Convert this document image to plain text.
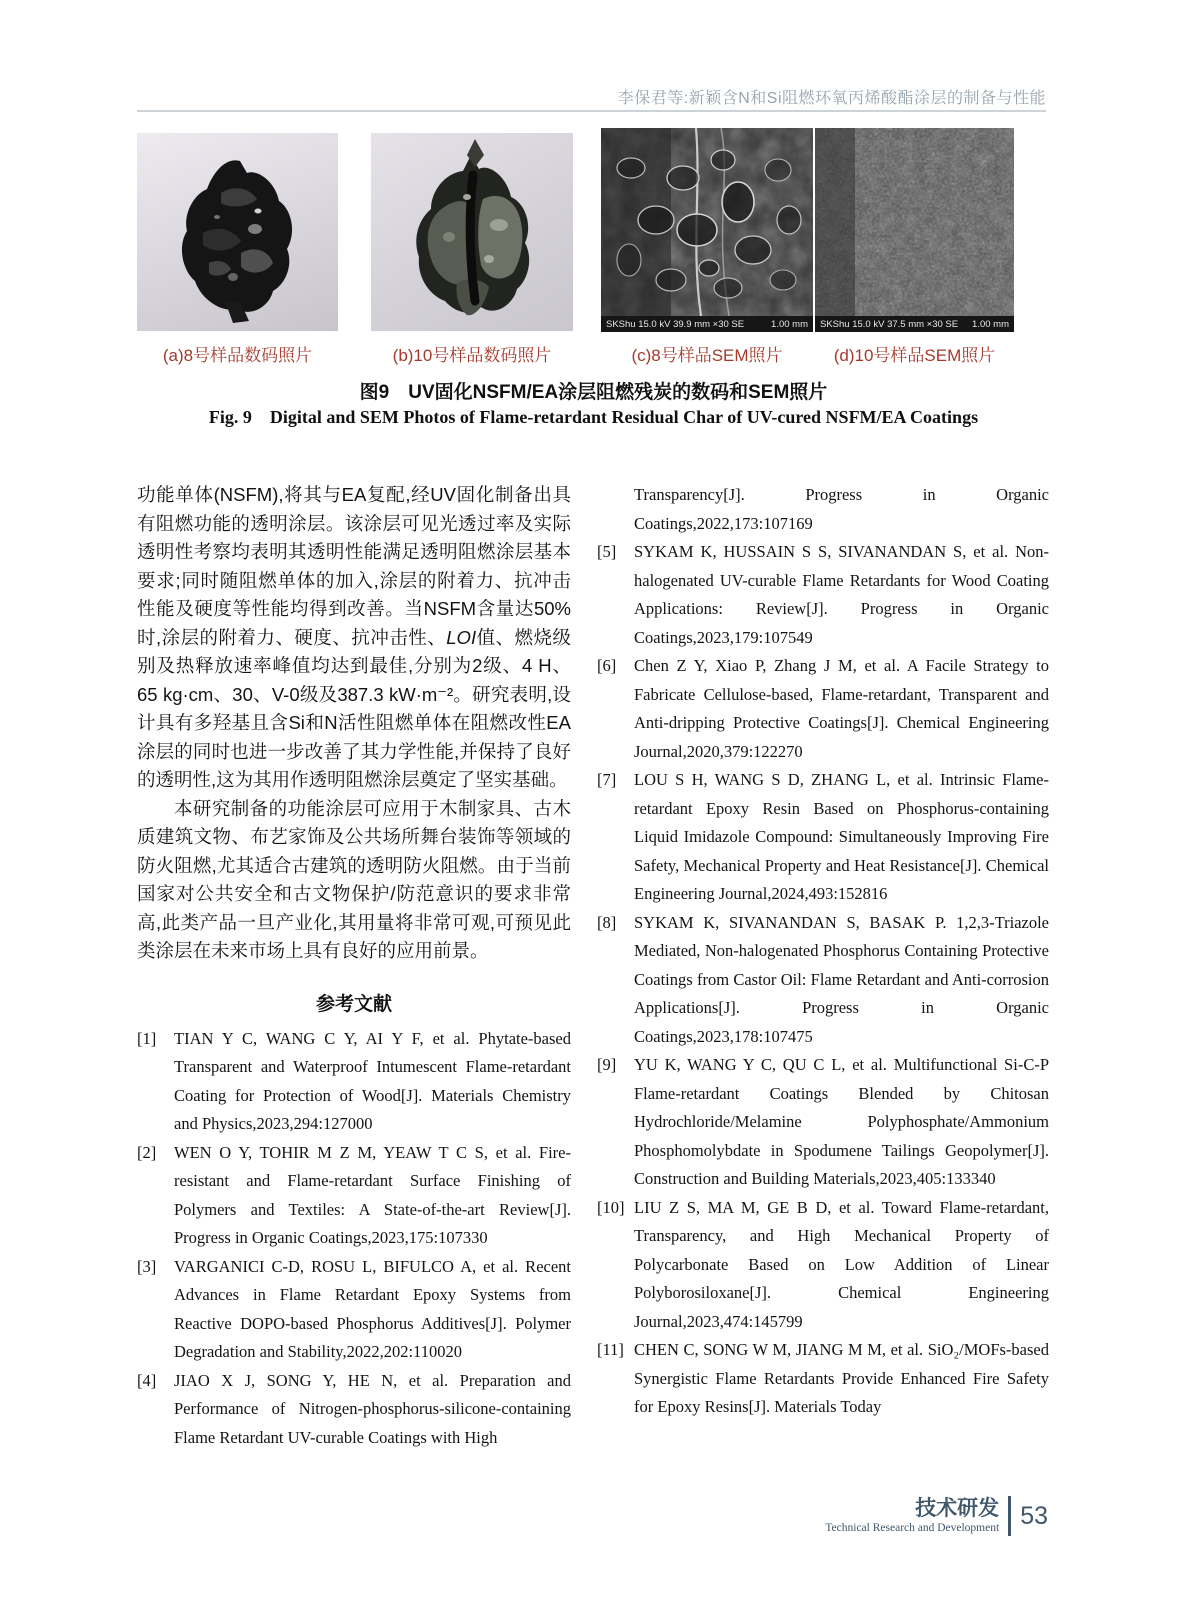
李保君等:新颖含N和Si阻燃环氧丙烯酸酯涂层的制备与性能
SKShu 15.0 kV 39.9 mm ×30 SE	1.00 mm SKShu 15.0 kV 37.5 mm ×30 SE 1.00 mm
(a)8号样品数码照片	(b)10号样品数码照片	(c)8号样品SEM照片	(d)10号样品SEM照片
图9　UV固化NSFM/EA涂层阻燃残炭的数码和SEM照片
Fig. 9　Digital and SEM Photos of Flame-retardant Residual Char of UV-cured NSFM/EA Coatings
功能单体(NSFM),将其与EA复配,经UV固化制备出具有阻燃功能的透明涂层。该涂层可见光透过率及实际透明性考察均表明其透明性能满足透明阻燃涂层基本要求;同时随阻燃单体的加入,涂层的附着力、抗冲击性能及硬度等性能均得到改善。当NSFM含量达50%时,涂层的附着力、硬度、抗冲击性、LOI值、燃烧级别及热释放速率峰值均达到最佳,分别为2级、4 H、65 kg·cm、30、V-0级及387.3 kW·m⁻²。研究表明,设计具有多羟基且含Si和N活性阻燃单体在阻燃改性EA涂层的同时也进一步改善了其力学性能,并保持了良好的透明性,这为其用作透明阻燃涂层奠定了坚实基础。
本研究制备的功能涂层可应用于木制家具、古木质建筑文物、布艺家饰及公共场所舞台装饰等领域的防火阻燃,尤其适合古建筑的透明防火阻燃。由于当前国家对公共安全和古文物保护/防范意识的要求非常高,此类产品一旦产业化,其用量将非常可观,可预见此类涂层在未来市场上具有良好的应用前景。
参考文献
[1] TIAN Y C, WANG C Y, AI Y F, et al. Phytate-based Transparent and Waterproof Intumescent Flame-retardant Coating for Protection of Wood[J]. Materials Chemistry and Physics,2023,294:127000
[2] WEN O Y, TOHIR M Z M, YEAW T C S, et al. Fire-resistant and Flame-retardant Surface Finishing of Polymers and Textiles: A State-of-the-art Review[J]. Progress in Organic Coatings,2023,175:107330
[3] VARGANICI C-D, ROSU L, BIFULCO A, et al. Recent Advances in Flame Retardant Epoxy Systems from Reactive DOPO-based Phosphorus Additives[J]. Polymer Degradation and Stability,2022,202:110020
[4] JIAO X J, SONG Y, HE N, et al. Preparation and Performance of Nitrogen-phosphorus-silicone-containing Flame Retardant UV-curable Coatings with High
Transparency[J]. Progress in Organic Coatings,2022,173:107169
[5] SYKAM K, HUSSAIN S S, SIVANANDAN S, et al. Non-halogenated UV-curable Flame Retardants for Wood Coating Applications: Review[J]. Progress in Organic Coatings,2023,179:107549
[6] Chen Z Y, Xiao P, Zhang J M, et al. A Facile Strategy to Fabricate Cellulose-based, Flame-retardant, Transparent and Anti-dripping Protective Coatings[J]. Chemical Engineering Journal,2020,379:122270
[7] LOU S H, WANG S D, ZHANG L, et al. Intrinsic Flame-retardant Epoxy Resin Based on Phosphorus-containing Liquid Imidazole Compound: Simultaneously Improving Fire Safety, Mechanical Property and Heat Resistance[J]. Chemical Engineering Journal,2024,493:152816
[8] SYKAM K, SIVANANDAN S, BASAK P. 1,2,3-Triazole Mediated, Non-halogenated Phosphorus Containing Protective Coatings from Castor Oil: Flame Retardant and Anti-corrosion Applications[J]. Progress in Organic Coatings,2023,178:107475
[9] YU K, WANG Y C, QU C L, et al. Multifunctional Si-C-P Flame-retardant Coatings Blended by Chitosan Hydrochloride/Melamine Polyphosphate/Ammonium Phosphomolybdate in Spodumene Tailings Geopolymer[J]. Construction and Building Materials,2023,405:133340
[10] LIU Z S, MA M, GE B D, et al. Toward Flame-retardant, Transparency, and High Mechanical Property of Polycarbonate Based on Low Addition of Linear Polyborosiloxane[J]. Chemical Engineering Journal,2023,474:145799
[11] CHEN C, SONG W M, JIANG M M, et al. SiO₂/MOFs-based Synergistic Flame Retardants Provide Enhanced Fire Safety for Epoxy Resins[J]. Materials Today
技术研发
Technical Research and Development 53
